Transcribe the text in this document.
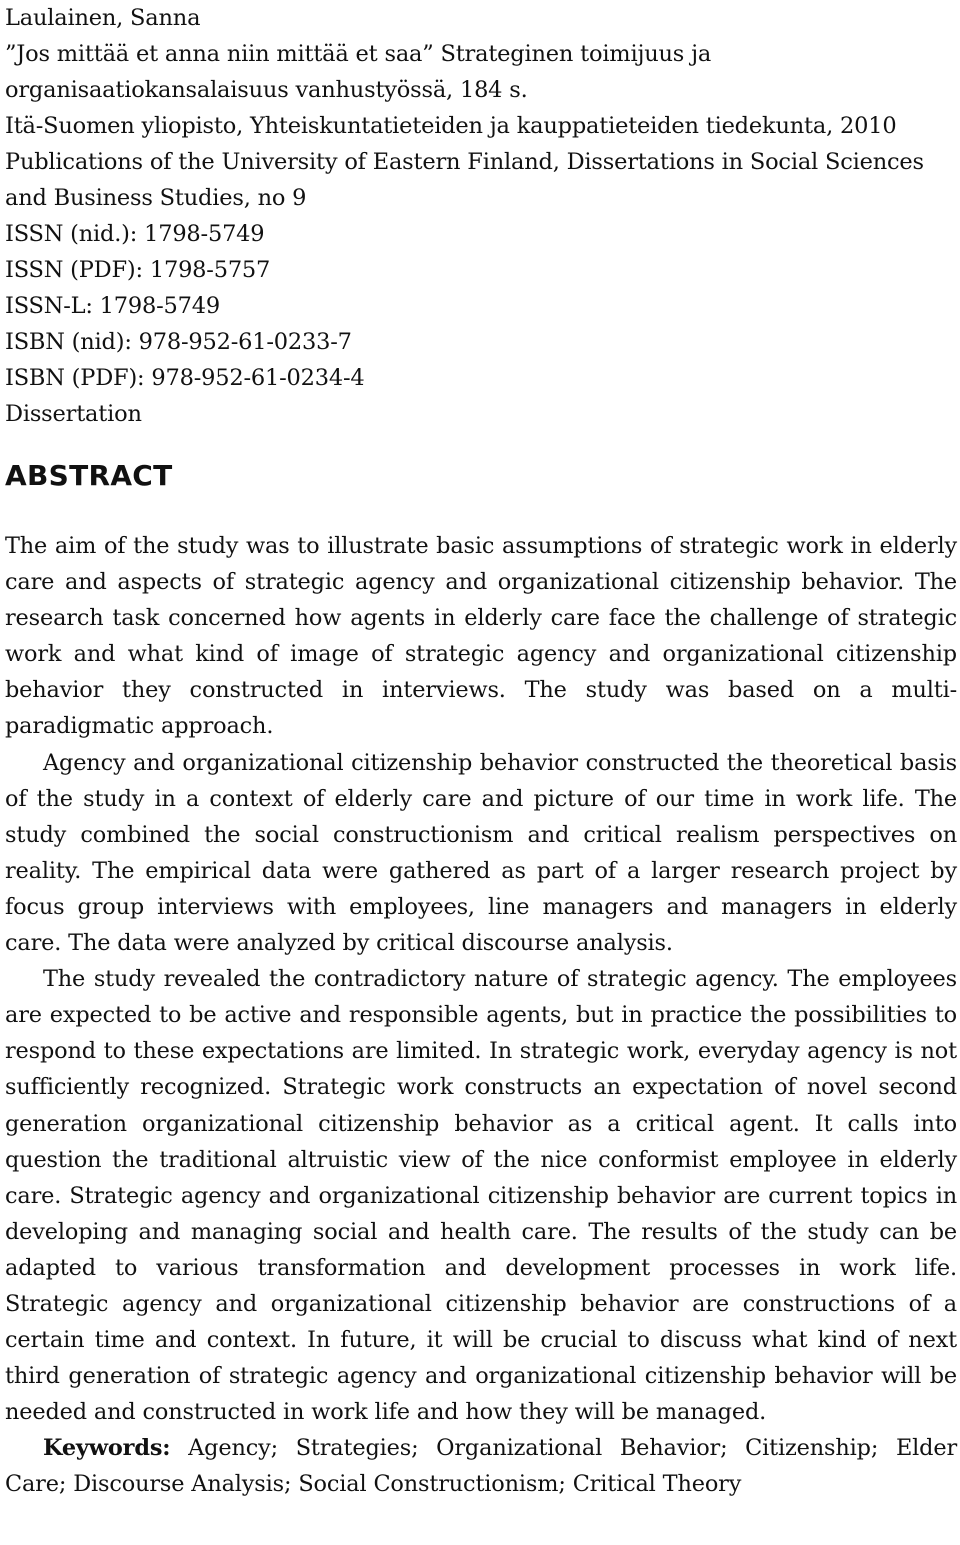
Laulainen, Sanna
”Jos mittää et anna niin mittää et saa” Strateginen toimijuus ja organisaatiokansalaisuus vanhustyössä, 184 s.
Itä-Suomen yliopisto, Yhteiskuntatieteiden ja kauppatieteiden tiedekunta, 2010
Publications of the University of Eastern Finland, Dissertations in Social Sciences and Business Studies, no 9
ISSN (nid.): 1798-5749
ISSN (PDF): 1798-5757
ISSN-L: 1798-5749
ISBN (nid): 978-952-61-0233-7
ISBN (PDF): 978-952-61-0234-4
Dissertation
ABSTRACT

The aim of the study was to illustrate basic assumptions of strategic work in elderly care and aspects of strategic agency and organizational citizenship behavior. The research task concerned how agents in elderly care face the challenge of strategic work and what kind of image of strategic agency and organizational citizenship behavior they constructed in interviews. The study was based on a multi-paradigmatic approach.

Agency and organizational citizenship behavior constructed the theoretical basis of the study in a context of elderly care and picture of our time in work life. The study combined the social constructionism and critical realism perspectives on reality. The empirical data were gathered as part of a larger research project by focus group interviews with employees, line managers and managers in elderly care. The data were analyzed by critical discourse analysis.

The study revealed the contradictory nature of strategic agency. The employees are expected to be active and responsible agents, but in practice the possibilities to respond to these expectations are limited. In strategic work, everyday agency is not sufficiently recognized. Strategic work constructs an expectation of novel second generation organizational citizenship behavior as a critical agent. It calls into question the traditional altruistic view of the nice conformist employee in elderly care. Strategic agency and organizational citizenship behavior are current topics in developing and managing social and health care. The results of the study can be adapted to various transformation and development processes in work life. Strategic agency and organizational citizenship behavior are constructions of a certain time and context. In future, it will be crucial to discuss what kind of next third generation of strategic agency and organizational citizenship behavior will be needed and constructed in work life and how they will be managed.

Keywords: Agency; Strategies; Organizational Behavior; Citizenship; Elder Care; Discourse Analysis; Social Constructionism; Critical Theory
